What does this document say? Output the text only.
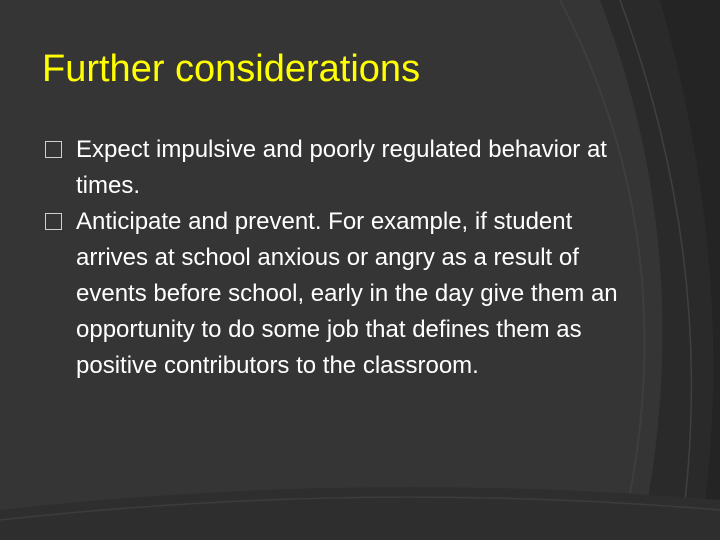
Further considerations
Expect impulsive and poorly regulated behavior at times.
Anticipate and prevent. For example, if student arrives at school anxious or angry as a result of events before school, early in the day give them an opportunity to do some job that defines them as positive contributors to the classroom.
